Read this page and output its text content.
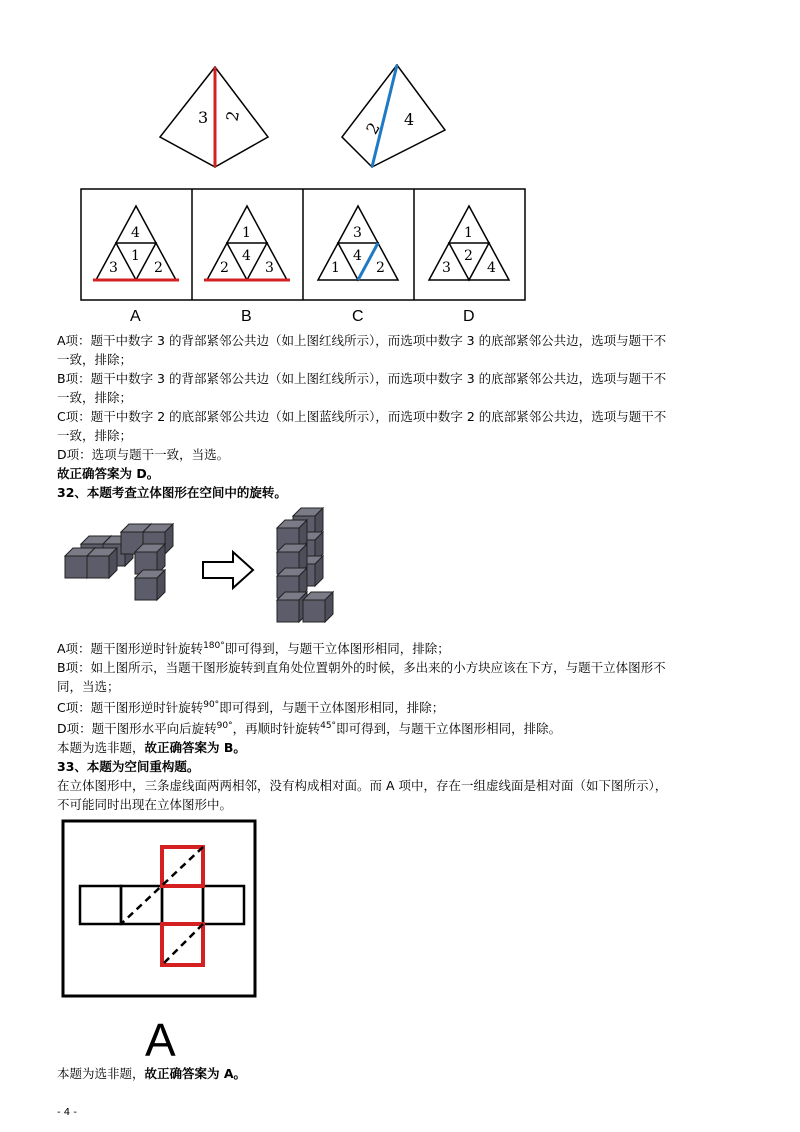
3 2
2 4
4
3
1
2
A
1
2
4
3
B
3
1
4
2
C
1
3
2
4
D
A项：题干中数字 3 的背部紧邻公共边（如上图红线所示），而选项中数字 3 的底部紧邻公共边，选项与题干不
一致，排除；
B项：题干中数字 3 的背部紧邻公共边（如上图红线所示），而选项中数字 3 的底部紧邻公共边，选项与题干不
一致，排除；
C项：题干中数字 2 的底部紧邻公共边（如上图蓝线所示），而选项中数字 2 的底部紧邻公共边，选项与题干不
一致，排除；
D项：选项与题干一致，当选。
故正确答案为 D。
32、本题考查立体图形在空间中的旋转。
A项：题干图形逆时针旋转$^{180^\circ}$即可得到，与题干立体图形相同，排除；
B项：如上图所示，当题干图形旋转到直角处位置朝外的时候，多出来的小方块应该在下方，与题干立体图形不
同，当选；
C项：题干图形逆时针旋转$^{90^\circ}$即可得到，与题干立体图形相同，排除；
D项：题干图形水平向后旋转$^{90^\circ}$，再顺时针旋转$^{45^\circ}$即可得到，与题干立体图形相同，排除。
本题为选非题，故正确答案为 B。
33、本题为空间重构题。
在立体图形中，三条虚线面两两相邻，没有构成相对面。而 A 项中，存在一组虚线面是相对面（如下图所示），
不可能同时出现在立体图形中。
A
本题为选非题，故正确答案为 A。
- 4 -
